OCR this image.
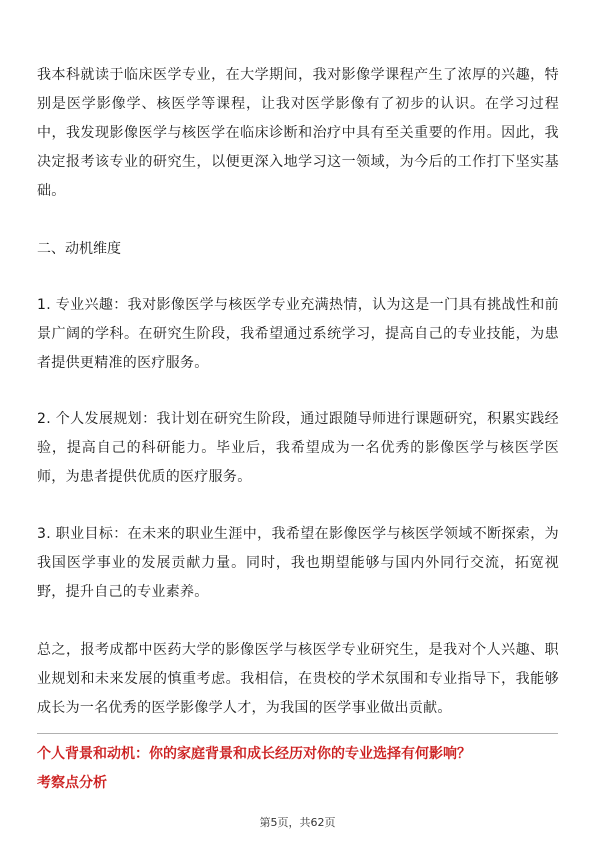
我本科就读于临床医学专业，在大学期间，我对影像学课程产生了浓厚的兴趣，特别是医学影像学、核医学等课程，让我对医学影像有了初步的认识。在学习过程中，我发现影像医学与核医学在临床诊断和治疗中具有至关重要的作用。因此，我决定报考该专业的研究生，以便更深入地学习这一领域，为今后的工作打下坚实基础。

二、动机维度

1. 专业兴趣：我对影像医学与核医学专业充满热情，认为这是一门具有挑战性和前景广阔的学科。在研究生阶段，我希望通过系统学习，提高自己的专业技能，为患者提供更精准的医疗服务。

2. 个人发展规划：我计划在研究生阶段，通过跟随导师进行课题研究，积累实践经验，提高自己的科研能力。毕业后，我希望成为一名优秀的影像医学与核医学医师，为患者提供优质的医疗服务。

3. 职业目标：在未来的职业生涯中，我希望在影像医学与核医学领域不断探索，为我国医学事业的发展贡献力量。同时，我也期望能够与国内外同行交流，拓宽视野，提升自己的专业素养。

总之，报考成都中医药大学的影像医学与核医学专业研究生，是我对个人兴趣、职业规划和未来发展的慎重考虑。我相信，在贵校的学术氛围和专业指导下，我能够成长为一名优秀的医学影像学人才，为我国的医学事业做出贡献。

个人背景和动机：你的家庭背景和成长经历对你的专业选择有何影响？

考察点分析

第5页，共62页
